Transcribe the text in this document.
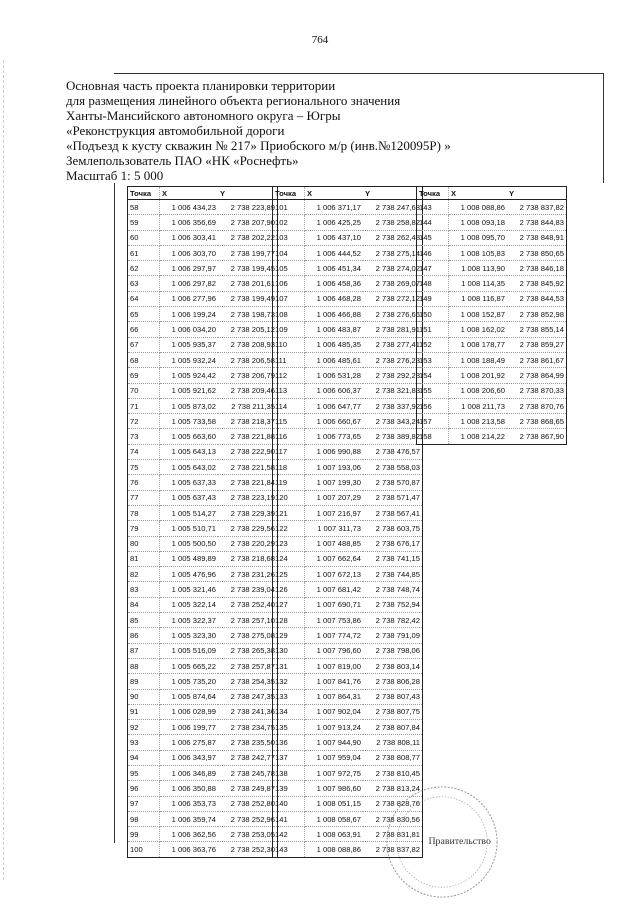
764
Основная часть проекта планировки территории
для размещения линейного объекта регионального значения
Ханты-Мансийского автономного округа – Югры
«Реконструкция автомобильной дороги
«Подъезд к кусту скважин № 217» Приобского м/р (инв.№120095Р) »
Землепользователь ПАО «НК «Роснефть»
Масштаб 1: 5 000
Точка	X	Y
58	1 006 434,23	2 738 223,89
59	1 006 356,69	2 738 207,90
60	1 006 303,41	2 738 202,22
61	1 006 303,70	2 738 199,77
62	1 006 297,97	2 738 199,45
63	1 006 297,82	2 738 201,61
64	1 006 277,96	2 738 199,49
65	1 006 199,24	2 738 198,73
66	1 006 034,20	2 738 205,12
67	1 005 935,37	2 738 208,93
68	1 005 932,24	2 738 206,58
69	1 005 924,42	2 738 206,79
70	1 005 921,62	2 738 209,46
71	1 005 873,02	2 738 211,35
72	1 005 733,58	2 738 218,37
73	1 005 663,60	2 738 221,88
74	1 005 643,13	2 738 222,90
75	1 005 643,02	2 738 221,58
76	1 005 637,33	2 738 221,84
77	1 005 637,43	2 738 223,19
78	1 005 514,27	2 738 229,39
79	1 005 510,71	2 738 229,56
80	1 005 500,50	2 738 220,29
81	1 005 489,89	2 738 218,68
82	1 005 476,96	2 738 231,26
83	1 005 321,46	2 738 239,04
84	1 005 322,14	2 738 252,40
85	1 005 322,37	2 738 257,10
86	1 005 323,30	2 738 275,08
87	1 005 516,09	2 738 265,38
88	1 005 665,22	2 738 257,87
89	1 005 735,20	2 738 254,35
90	1 005 874,64	2 738 247,35
91	1 006 028,99	2 738 241,36
92	1 006 199,77	2 738 234,75
93	1 006 275,87	2 738 235,50
94	1 006 343,97	2 738 242,77
95	1 006 346,89	2 738 245,78
96	1 006 350,88	2 738 249,87
97	1 006 353,73	2 738 252,80
98	1 006 359,74	2 738 252,96
99	1 006 362,56	2 738 253,05
100	1 006 363,76	2 738 252,30
Точка	X	Y
101	1 006 371,17	2 738 247,68
102	1 006 425,25	2 738 258,82
103	1 006 437,10	2 738 262,48
104	1 006 444,52	2 738 275,14
105	1 006 451,34	2 738 274,02
106	1 006 458,36	2 738 269,07
107	1 006 468,28	2 738 272,12
108	1 006 466,88	2 738 276,66
109	1 006 483,87	2 738 281,91
110	1 006 485,35	2 738 277,41
111	1 006 485,61	2 738 276,23
112	1 006 531,28	2 738 292,23
113	1 006 606,37	2 738 321,83
114	1 006 647,77	2 738 337,92
115	1 006 660,67	2 738 343,24
116	1 006 773,65	2 738 389,82
117	1 006 990,88	2 738 476,57
118	1 007 193,06	2 738 558,03
119	1 007 199,30	2 738 570,87
120	1 007 207,29	2 738 571,47
121	1 007 216,97	2 738 567,41
122	1 007 311,73	2 738 603,75
123	1 007 488,85	2 738 676,17
124	1 007 662,64	2 738 741,15
125	1 007 672,13	2 738 744,85
126	1 007 681,42	2 738 748,74
127	1 007 690,71	2 738 752,94
128	1 007 753,86	2 738 782,42
129	1 007 774,72	2 738 791,09
130	1 007 796,60	2 738 798,06
131	1 007 819,00	2 738 803,14
132	1 007 841,76	2 738 806,28
133	1 007 864,31	2 738 807,43
134	1 007 902,04	2 738 807,75
135	1 007 913,24	2 738 807,84
136	1 007 944,90	2 738 808,11
137	1 007 959,04	2 738 808,77
138	1 007 972,75	2 738 810,45
139	1 007 986,60	2 738 813,24
140	1 008 051,15	2 738 828,76
141	1 008 058,67	2 738 830,56
142	1 008 063,91	2 738 831,81
143	1 008 088,86	2 738 837,82
Точка	X	Y
143	1 008 088,86	2 738 837,82
144	1 008 093,18	2 738 844,83
145	1 008 095,70	2 738 848,91
146	1 008 105,83	2 738 850,65
147	1 008 113,90	2 738 846,18
148	1 008 114,35	2 738 845,92
149	1 008 116,87	2 738 844,53
150	1 008 152,87	2 738 852,98
151	1 008 162,02	2 738 855,14
152	1 008 178,77	2 738 859,27
153	1 008 188,49	2 738 861,67
154	1 008 201,92	2 738 864,99
155	1 008 206,60	2 738 870,33
156	1 008 211,73	2 738 870,76
157	1 008 213,58	2 738 868,65
158	1 008 214,22	2 738 867,90
Правительство
